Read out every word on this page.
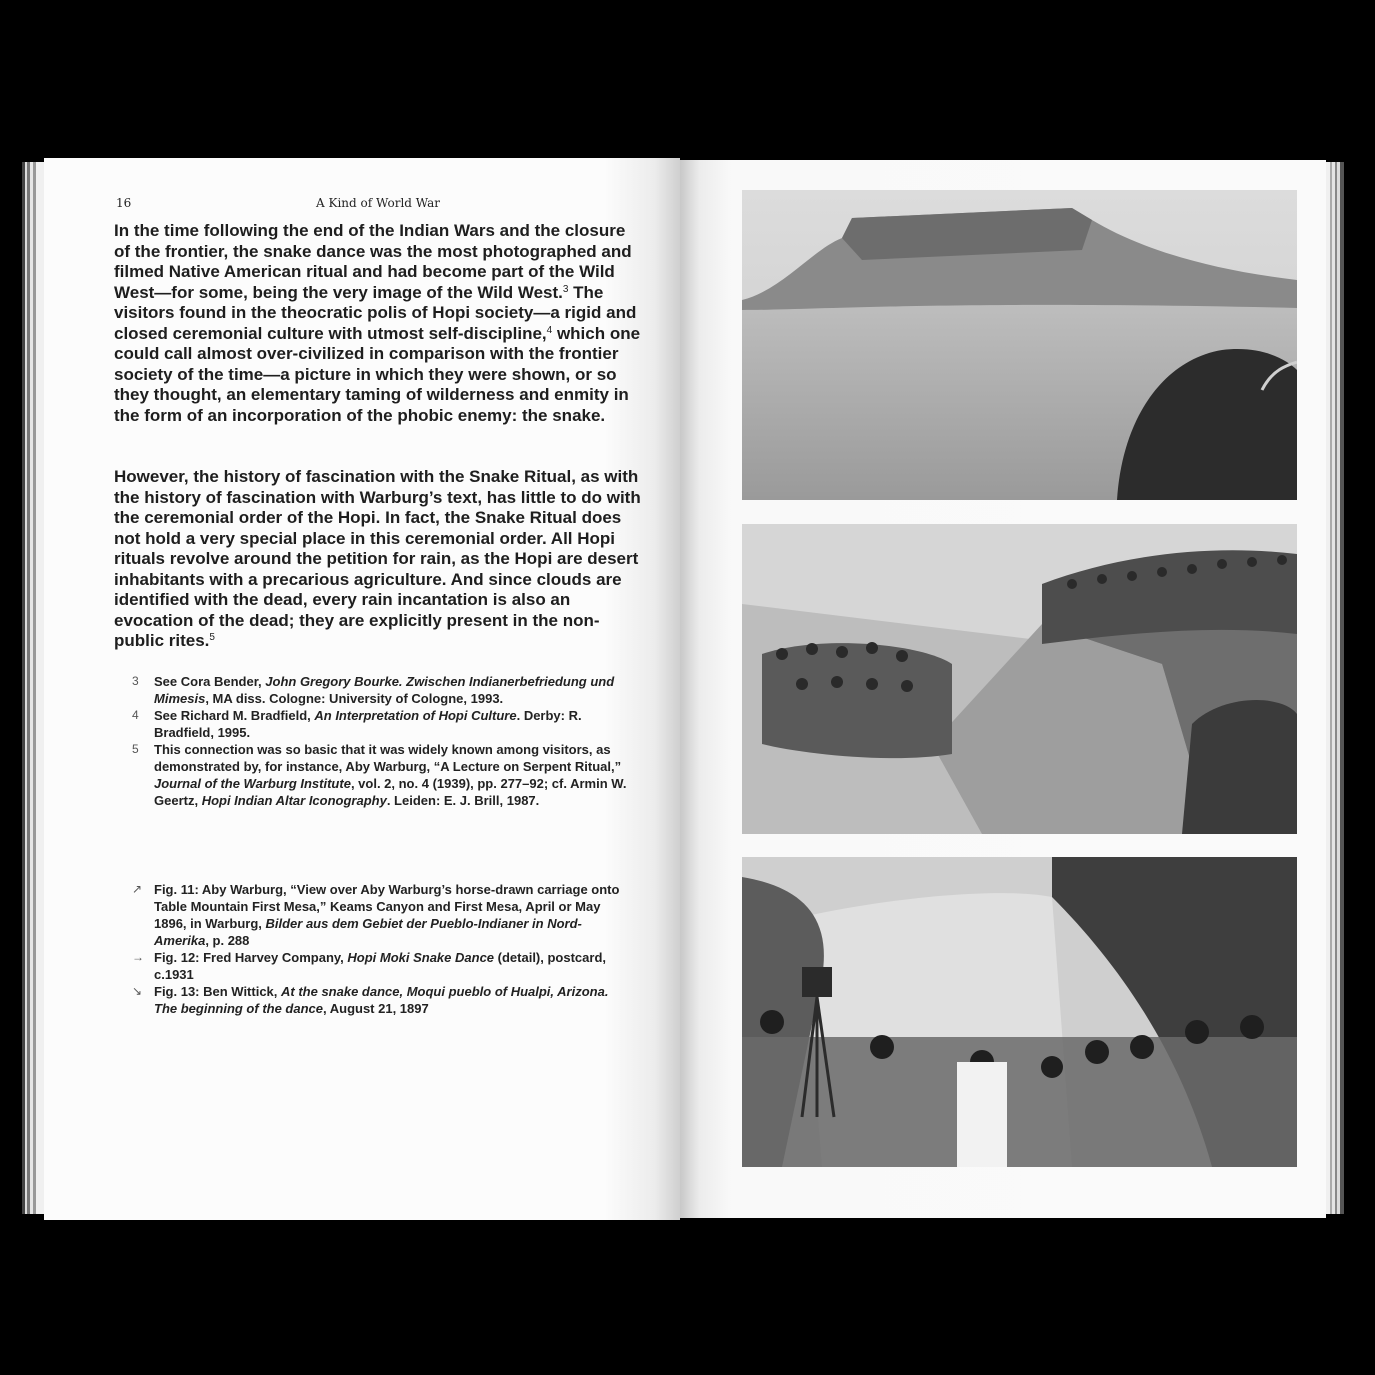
16	A Kind of World War

In the time following the end of the Indian Wars and the closure of the frontier, the snake dance was the most photographed and filmed Native American ritual and had become part of the Wild West—for some, being the very image of the Wild West.$^3$ The visitors found in the theocratic polis of Hopi society—a rigid and closed ceremonial culture with utmost self-discipline,$^4$ which one could call almost over-civilized in comparison with the frontier society of the time—a picture in which they were shown, or so they thought, an elementary taming of wilderness and enmity in the form of an incorporation of the phobic enemy: the snake.

However, the history of fascination with the Snake Ritual, as with the history of fascination with Warburg’s text, has little to do with the ceremonial order of the Hopi. In fact, the Snake Ritual does not hold a very special place in this ceremonial order. All Hopi rituals revolve around the petition for rain, as the Hopi are desert inhabitants with a precarious agriculture. And since clouds are identified with the dead, every rain incantation is also an evocation of the dead; they are explicitly present in the non-public rites.$^5$

3 See Cora Bender, John Gregory Bourke. Zwischen Indianerbefriedung und Mimesis, MA diss. Cologne: University of Cologne, 1993.
4 See Richard M. Bradfield, An Interpretation of Hopi Culture. Derby: R. Bradfield, 1995.
5 This connection was so basic that it was widely known among visitors, as demonstrated by, for instance, Aby Warburg, “A Lecture on Serpent Ritual,” Journal of the Warburg Institute, vol. 2, no. 4 (1939), pp. 277–92; cf. Armin W. Geertz, Hopi Indian Altar Iconography. Leiden: E. J. Brill, 1987.
↗ Fig. 11: Aby Warburg, “View over Aby Warburg’s horse-drawn carriage onto Table Mountain First Mesa,” Keams Canyon and First Mesa, April or May 1896, in Warburg, Bilder aus dem Gebiet der Pueblo-Indianer in Nord-Amerika, p. 288
→ Fig. 12: Fred Harvey Company, Hopi Moki Snake Dance (detail), postcard, c.1931
↘ Fig. 13: Ben Wittick, At the snake dance, Moqui pueblo of Hualpi, Arizona. The beginning of the dance, August 21, 1897
